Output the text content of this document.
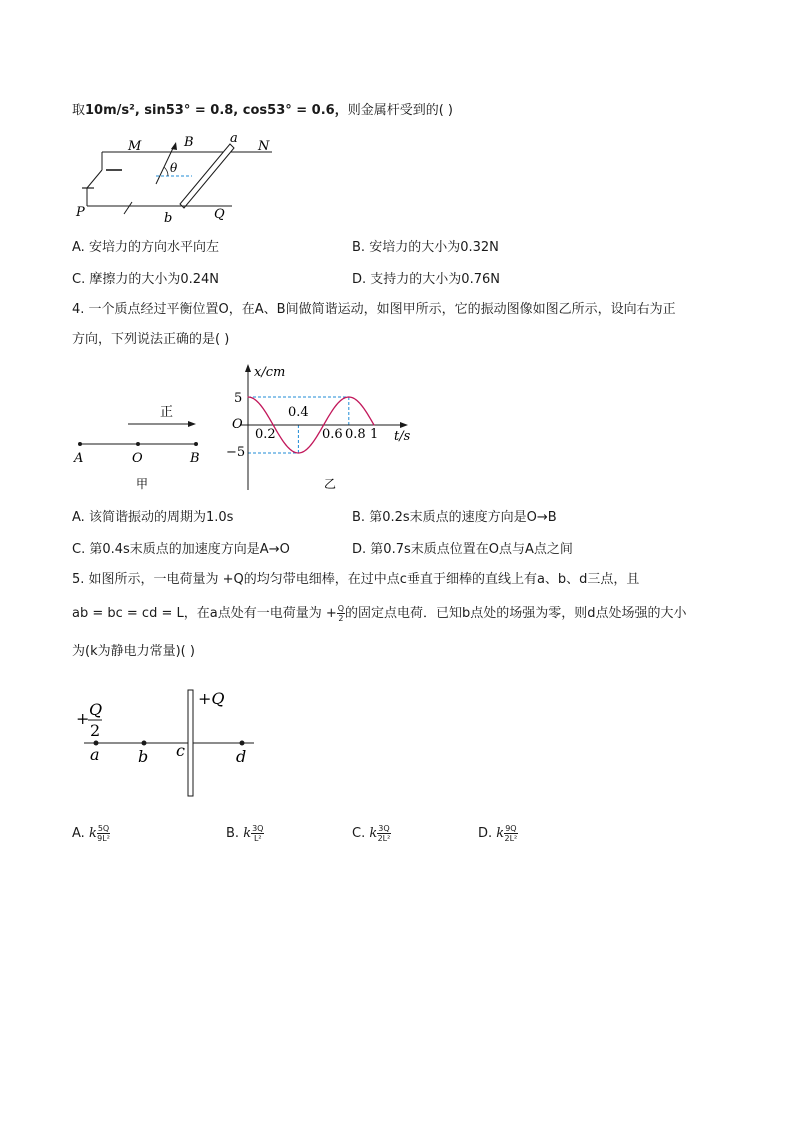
取10m/s², sin53° = 0.8, cos53° = 0.6，则金属杆受到的( )
M	N
P	Q
a
b
B
θ
A. 安培力的方向水平向左	B. 安培力的大小为0.32N
C. 摩擦力的大小为0.24N	D. 支持力的大小为0.76N
4. 一个质点经过平衡位置O，在A、B间做简谐运动，如图甲所示，它的振动图像如图乙所示，设向右为正
方向，下列说法正确的是( )
正
A	O	B
甲
x/cm
t/s
O
5
−5
0.2
0.4
0.6 0.8 1
乙
A. 该简谐振动的周期为1.0s	B. 第0.2s末质点的速度方向是O→B
C. 第0.4s末质点的加速度方向是A→O	D. 第0.7s末质点位置在O点与A点之间
5. 如图所示，一电荷量为 +Q的均匀带电细棒，在过中点c垂直于细棒的直线上有a、b、d三点，且
ab = bc = cd = L，在a点处有一电荷量为 + $\frac{Q}{2}$ 的固定点电荷．已知b点处的场强为零，则d点处场强的大小
为(k为静电力常量)( )
+ Q
2
+Q
a b c	d
A. k $\frac{5Q}{\text{9L²}}$	B. k $\frac{3Q}{\text{L²}}$	C. k $\frac{3Q}{\text{2L²}}$	D. k $\frac{9Q}{\text{2L²}}$
